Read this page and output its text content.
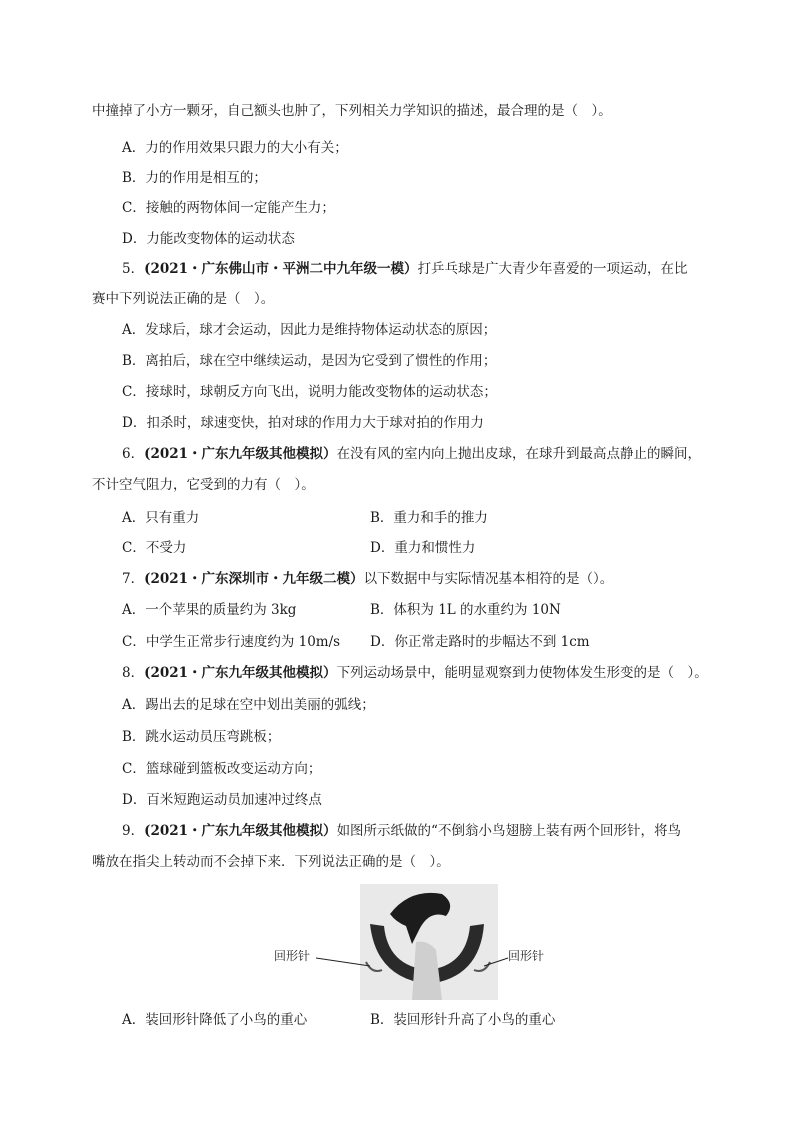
中撞掉了小方一颗牙，自己额头也肿了，下列相关力学知识的描述，最合理的是（　）。
A．力的作用效果只跟力的大小有关；
B．力的作用是相互的；
C．接触的两物体间一定能产生力；
D．力能改变物体的运动状态
5．(2021・广东佛山市・平洲二中九年级一模）打乒乓球是广大青少年喜爱的一项运动，在比
赛中下列说法正确的是（　）。
A．发球后，球才会运动，因此力是维持物体运动状态的原因；
B．离拍后，球在空中继续运动，是因为它受到了惯性的作用；
C．接球时，球朝反方向飞出，说明力能改变物体的运动状态；
D．扣杀时，球速变快，拍对球的作用力大于球对拍的作用力
6．(2021・广东九年级其他模拟）在没有风的室内向上抛出皮球，在球升到最高点静止的瞬间，
不计空气阻力，它受到的力有（　）。
A．只有重力	B．重力和手的推力
C．不受力	D．重力和惯性力
7．(2021・广东深圳市・九年级二模）以下数据中与实际情况基本相符的是（）。
A．一个苹果的质量约为 3kg	B．体积为 1L 的水重约为 10N
C．中学生正常步行速度约为 10m/s D．你正常走路时的步幅达不到 1cm
8．(2021・广东九年级其他模拟）下列运动场景中，能明显观察到力使物体发生形变的是（　）。
A．踢出去的足球在空中划出美丽的弧线；
B．跳水运动员压弯跳板；
C．篮球碰到篮板改变运动方向；
D．百米短跑运动员加速冲过终点
9．(2021・广东九年级其他模拟）如图所示纸做的“不倒翁小鸟翅膀上装有两个回形针，将鸟
嘴放在指尖上转动而不会掉下来．下列说法正确的是（　）。
回形针	回形针
A．装回形针降低了小鸟的重心	B．装回形针升高了小鸟的重心
